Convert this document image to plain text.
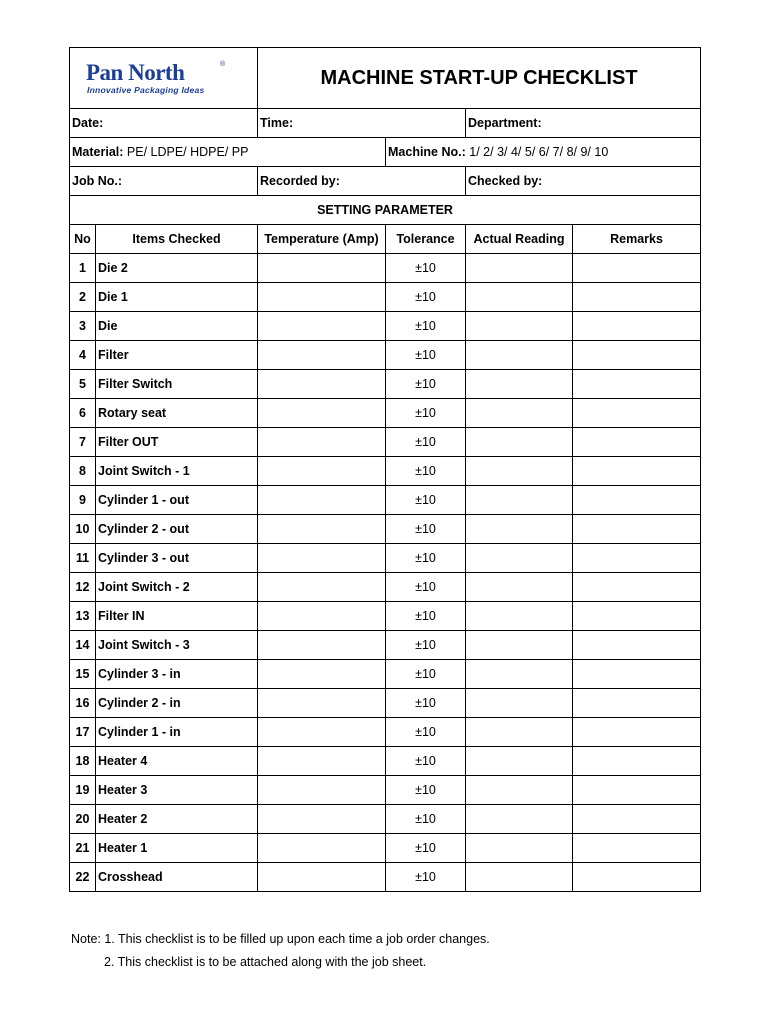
Pan North ®
Innovative Packaging Ideas		MACHINE START-UP CHECKLIST			
Date:		Time:		Department:	
Material: PE/ LDPE/ HDPE/ PP			Machine No.: 1/ 2/ 3/ 4/ 5/ 6/ 7/ 8/ 9/ 10		
Job No.:		Recorded by:		Checked by:	
SETTING PARAMETER					
No	Items Checked	Temperature (Amp)	Tolerance	Actual Reading	Remarks
1	Die 2		±10		
2	Die 1		±10		
3	Die		±10		
4	Filter		±10		
5	Filter Switch		±10		
6	Rotary seat		±10		
7	Filter OUT		±10		
8	Joint Switch - 1		±10		
9	Cylinder 1 - out		±10		
10	Cylinder 2 - out		±10		
11	Cylinder 3 - out		±10		
12	Joint Switch - 2		±10		
13	Filter IN		±10		
14	Joint Switch - 3		±10		
15	Cylinder 3 - in		±10		
16	Cylinder 2 - in		±10		
17	Cylinder 1 - in		±10		
18	Heater 4		±10		
19	Heater 3		±10		
20	Heater 2		±10		
21	Heater 1		±10		
22	Crosshead		±10		
Note: 1. This checklist is to be filled up upon each time a job order changes.
2. This checklist is to be attached along with the job sheet.
